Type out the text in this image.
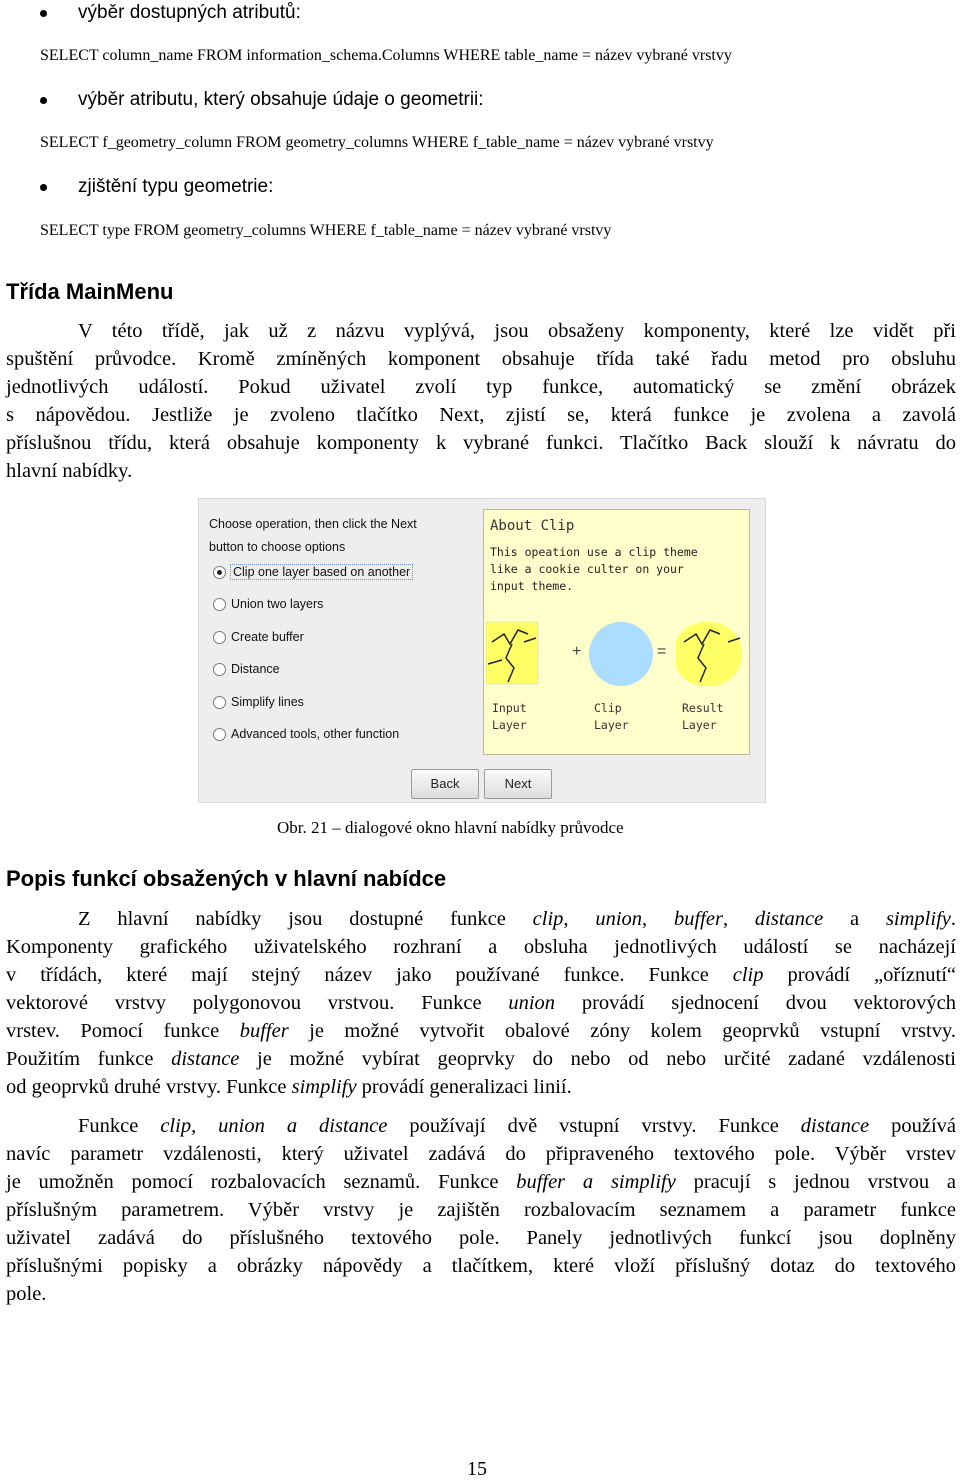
výběr dostupných atributů:
SELECT column_name FROM information_schema.Columns WHERE table_name = název vybrané vrstvy
výběr atributu, který obsahuje údaje o geometrii:
SELECT f_geometry_column FROM geometry_columns WHERE f_table_name = název vybrané vrstvy
zjištění typu geometrie:
SELECT type FROM geometry_columns WHERE f_table_name = název vybrané vrstvy
Třída MainMenu
V této třídě, jak už z názvu vyplývá, jsou obsaženy komponenty, které lze vidět při
spuštění průvodce. Kromě zmíněných komponent obsahuje třída také řadu metod pro obsluhu
jednotlivých událostí. Pokud uživatel zvolí typ funkce, automatický se změní obrázek
s nápovědou. Jestliže je zvoleno tlačítko Next, zjistí se, která funkce je zvolena a zavolá
příslušnou třídu, která obsahuje komponenty k vybrané funkci. Tlačítko Back slouží k návratu do
hlavní nabídky.
Choose operation, then click the Next
button to choose options
Clip one layer based on another
Union two layers
Create buffer
Distance
Simplify lines
Advanced tools, other function
About Clip
This opeation use a clip theme
like a cookie culter on your
input theme.
+	=
Input
Layer
Clip
Layer
Result
Layer
Back	Next
Obr. 21 – dialogové okno hlavní nabídky průvodce
Popis funkcí obsažených v hlavní nabídce
Z hlavní nabídky jsou dostupné funkce clip, union, buffer, distance a simplify.
Komponenty grafického uživatelského rozhraní a obsluha jednotlivých událostí se nacházejí
v třídách, které mají stejný název jako používané funkce. Funkce clip provádí „oříznutí“
vektorové vrstvy polygonovou vrstvou. Funkce union provádí sjednocení dvou vektorových
vrstev. Pomocí funkce buffer je možné vytvořit obalové zóny kolem geoprvků vstupní vrstvy.
Použitím funkce distance je možné vybírat geoprvky do nebo od nebo určité zadané vzdálenosti
od geoprvků druhé vrstvy. Funkce simplify provádí generalizaci linií.
Funkce clip, union a distance používají dvě vstupní vrstvy. Funkce distance používá
navíc parametr vzdálenosti, který uživatel zadává do připraveného textového pole. Výběr vrstev
je umožněn pomocí rozbalovacích seznamů. Funkce buffer a simplify pracují s jednou vrstvou a
příslušným parametrem. Výběr vrstvy je zajištěn rozbalovacím seznamem a parametr funkce
uživatel zadává do příslušného textového pole. Panely jednotlivých funkcí jsou doplněny
příslušnými popisky a obrázky nápovědy a tlačítkem, které vloží příslušný dotaz do textového
pole.
15
